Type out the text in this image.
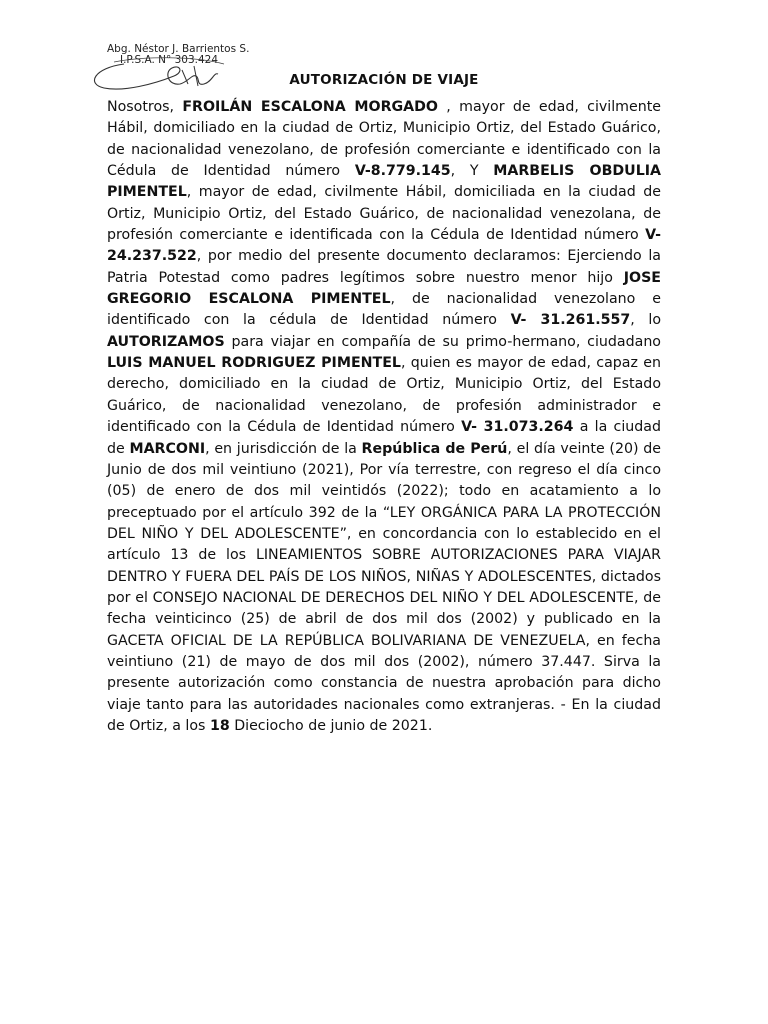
Abg. Néstor J. Barrientos S.
I.P.S.A. N° 303.424
AUTORIZACIÓN DE VIAJE

Nosotros, FROILÁN ESCALONA MORGADO , mayor de edad, civilmente Hábil, domiciliado en la ciudad de Ortiz, Municipio Ortiz, del Estado Guárico, de nacionalidad venezolano, de profesión comerciante e identificado con la Cédula de Identidad número V-8.779.145, Y MARBELIS OBDULIA PIMENTEL, mayor de edad, civilmente Hábil, domiciliada en la ciudad de Ortiz, Municipio Ortiz, del Estado Guárico, de nacionalidad venezolana, de profesión comerciante e identificada con la Cédula de Identidad número V-24.237.522, por medio del presente documento declaramos: Ejerciendo la Patria Potestad como padres legítimos sobre nuestro menor hijo JOSE GREGORIO ESCALONA PIMENTEL, de nacionalidad venezolano e identificado con la cédula de Identidad número V- 31.261.557, lo AUTORIZAMOS para viajar en compañía de su primo-hermano, ciudadano LUIS MANUEL RODRIGUEZ PIMENTEL, quien es mayor de edad, capaz en derecho, domiciliado en la ciudad de Ortiz, Municipio Ortiz, del Estado Guárico, de nacionalidad venezolano, de profesión administrador e identificado con la Cédula de Identidad número V- 31.073.264 a la ciudad de MARCONI, en jurisdicción de la República de Perú, el día veinte (20) de Junio de dos mil veintiuno (2021), Por vía terrestre, con regreso el día cinco (05) de enero de dos mil veintidós (2022); todo en acatamiento a lo preceptuado por el artículo 392 de la “LEY ORGÁNICA PARA LA PROTECCIÓN DEL NIÑO Y DEL ADOLESCENTE”, en concordancia con lo establecido en el artículo 13 de los LINEAMIENTOS SOBRE AUTORIZACIONES PARA VIAJAR DENTRO Y FUERA DEL PAÍS DE LOS NIÑOS, NIÑAS Y ADOLESCENTES, dictados por el CONSEJO NACIONAL DE DERECHOS DEL NIÑO Y DEL ADOLESCENTE, de fecha veinticinco (25) de abril de dos mil dos (2002) y publicado en la GACETA OFICIAL DE LA REPÚBLICA BOLIVARIANA DE VENEZUELA, en fecha veintiuno (21) de mayo de dos mil dos (2002), número 37.447. Sirva la presente autorización como constancia de nuestra aprobación para dicho viaje tanto para las autoridades nacionales como extranjeras. - En la ciudad de Ortiz, a los 18 Dieciocho de junio de 2021.
